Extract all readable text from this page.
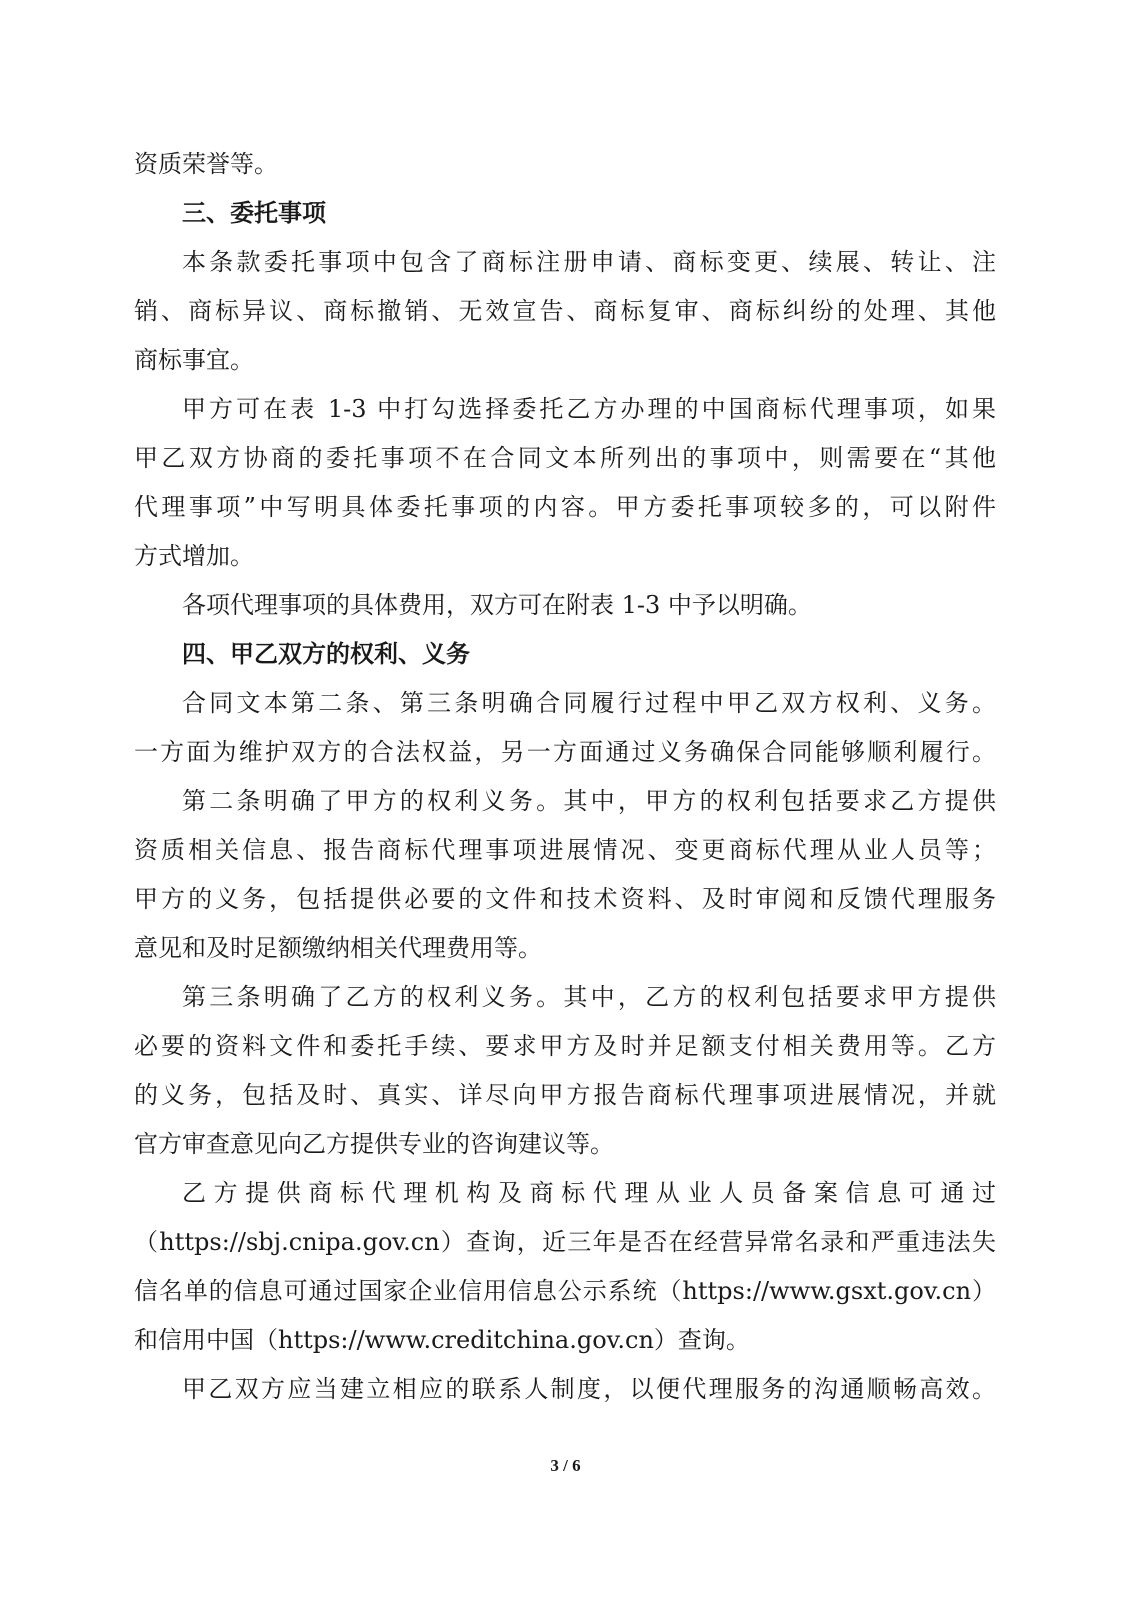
资质荣誉等。
三、委托事项
本条款委托事项中包含了商标注册申请、商标变更、续展、转让、注
销、商标异议、商标撤销、无效宣告、商标复审、商标纠纷的处理、其他
商标事宜。
甲方可在表 1-3 中打勾选择委托乙方办理的中国商标代理事项，如果
甲乙双方协商的委托事项不在合同文本所列出的事项中，则需要在“其他
代理事项”中写明具体委托事项的内容。甲方委托事项较多的，可以附件
方式增加。
各项代理事项的具体费用，双方可在附表 1-3 中予以明确。
四、甲乙双方的权利、义务
合同文本第二条、第三条明确合同履行过程中甲乙双方权利、义务。
一方面为维护双方的合法权益，另一方面通过义务确保合同能够顺利履行。
第二条明确了甲方的权利义务。其中，甲方的权利包括要求乙方提供
资质相关信息、报告商标代理事项进展情况、变更商标代理从业人员等；
甲方的义务，包括提供必要的文件和技术资料、及时审阅和反馈代理服务
意见和及时足额缴纳相关代理费用等。
第三条明确了乙方的权利义务。其中，乙方的权利包括要求甲方提供
必要的资料文件和委托手续、要求甲方及时并足额支付相关费用等。乙方
的义务，包括及时、真实、详尽向甲方报告商标代理事项进展情况，并就
官方审查意见向乙方提供专业的咨询建议等。
乙方提供商标代理机构及商标代理从业人员备案信息可通过
（https://sbj.cnipa.gov.cn）查询，近三年是否在经营异常名录和严重违法失
信名单的信息可通过国家企业信用信息公示系统（https://www.gsxt.gov.cn）
和信用中国（https://www.creditchina.gov.cn）查询。
甲乙双方应当建立相应的联系人制度，以便代理服务的沟通顺畅高效。
3 / 6
